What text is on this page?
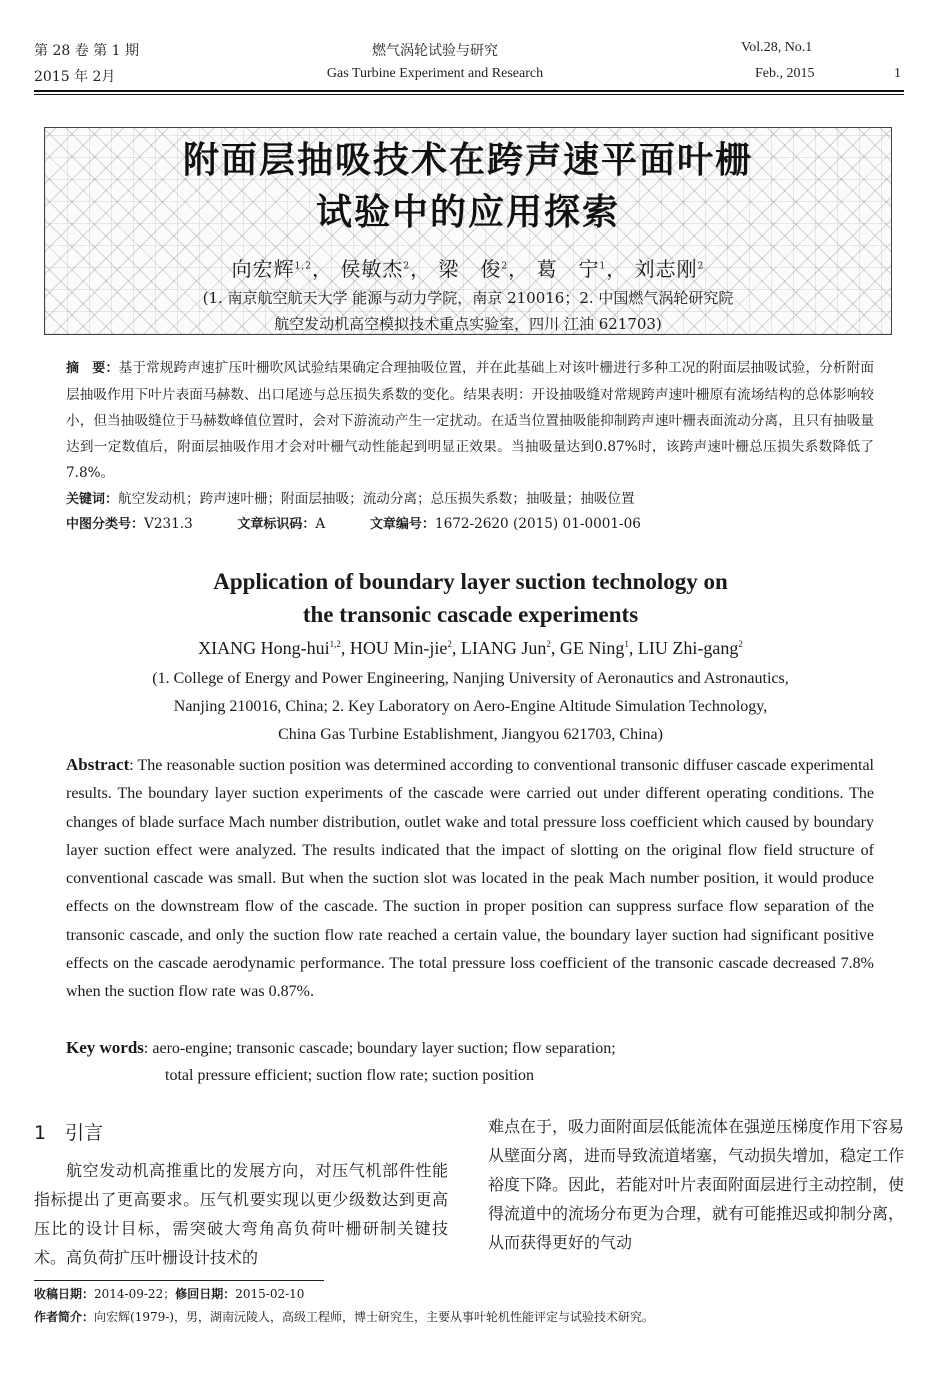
第 28 卷 第 1 期
2015 年 2月
燃气涡轮试验与研究
Gas Turbine Experiment and Research
Vol.28, No.1
Feb., 2015	1
附面层抽吸技术在跨声速平面叶栅
试验中的应用探索
向宏辉$^{1,2}$， 侯敏杰$^2$， 梁　俊$^2$， 葛　宁$^1$， 刘志刚$^2$
(1. 南京航空航天大学 能源与动力学院，南京 210016；2. 中国燃气涡轮研究院
航空发动机高空模拟技术重点实验室，四川 江油 621703)
摘　要：基于常规跨声速扩压叶栅吹风试验结果确定合理抽吸位置，并在此基础上对该叶栅进行多种工况的附面层抽吸试验，分析附面层抽吸作用下叶片表面马赫数、出口尾迹与总压损失系数的变化。结果表明：开设抽吸缝对常规跨声速叶栅原有流场结构的总体影响较小，但当抽吸缝位于马赫数峰值位置时，会对下游流动产生一定扰动。在适当位置抽吸能抑制跨声速叶栅表面流动分离，且只有抽吸量达到一定数值后，附面层抽吸作用才会对叶栅气动性能起到明显正效果。当抽吸量达到0.87%时，该跨声速叶栅总压损失系数降低了7.8%。
关键词：航空发动机；跨声速叶栅；附面层抽吸；流动分离；总压损失系数；抽吸量；抽吸位置
中图分类号：V231.3	文章标识码：A	文章编号：1672-2620 (2015) 01-0001-06
Application of boundary layer suction technology on
the transonic cascade experiments
XIANG Hong-hui$^{1,2}$, HOU Min-jie$^2$, LIANG Jun$^2$, GE Ning$^1$, LIU Zhi-gang$^2$
(1. College of Energy and Power Engineering, Nanjing University of Aeronautics and Astronautics,
Nanjing 210016, China; 2. Key Laboratory on Aero-Engine Altitude Simulation Technology,
China Gas Turbine Establishment, Jiangyou 621703, China)
Abstract: The reasonable suction position was determined according to conventional transonic diffuser cascade experimental results. The boundary layer suction experiments of the cascade were carried out under different operating conditions. The changes of blade surface Mach number distribution, outlet wake and total pressure loss coefficient which caused by boundary layer suction effect were analyzed. The results indicated that the impact of slotting on the original flow field structure of conventional cascade was small. But when the suction slot was located in the peak Mach number position, it would produce effects on the downstream flow of the cascade. The suction in proper position can suppress surface flow separation of the transonic cascade, and only the suction flow rate reached a certain value, the boundary layer suction had significant positive effects on the cascade aerodynamic performance. The total pressure loss coefficient of the transonic cascade decreased 7.8% when the suction flow rate was 0.87%.
Key words: aero-engine; transonic cascade; boundary layer suction; flow separation;
total pressure efficient; suction flow rate; suction position
1　引言
航空发动机高推重比的发展方向，对压气机部件性能指标提出了更高要求。压气机要实现以更少级数达到更高压比的设计目标，需突破大弯角高负荷叶栅研制关键技术。高负荷扩压叶栅设计技术的
难点在于，吸力面附面层低能流体在强逆压梯度作用下容易从壁面分离，进而导致流道堵塞，气动损失增加，稳定工作裕度下降。因此，若能对叶片表面附面层进行主动控制，使得流道中的流场分布更为合理，就有可能推迟或抑制分离，从而获得更好的气动
收稿日期：2014-09-22；修回日期：2015-02-10
作者简介：向宏辉(1979-)，男，湖南沅陵人，高级工程师，博士研究生，主要从事叶轮机性能评定与试验技术研究。
